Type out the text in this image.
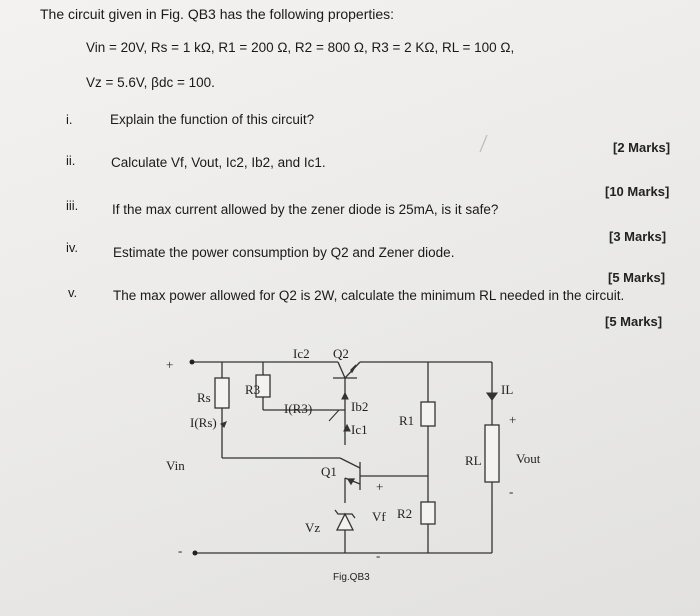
The circuit given in Fig. QB3 has the following properties:
Vin = 20V, Rs = 1 kΩ, R1 = 200 Ω, R2 = 800 Ω, R3 = 2 KΩ, RL = 100 Ω,
Vz = 5.6V, βdc = 100.
i.	Explain the function of this circuit?
[2 Marks]
ii.	Calculate Vf, Vout, Ic2, Ib2, and Ic1.
[10 Marks]
iii. If the max current allowed by the zener diode is 25mA, is it safe?
[3 Marks]
iv.	Estimate the power consumption by Q2 and Zener diode.
[5 Marks]
v.	The max power allowed for Q2 is 2W, calculate the minimum RL needed in the circuit.
[5 Marks]
+
-
Ic2 Q2
Rs
R3
I(R3)	Ib2
Ic1
I(Rs)	R1
IL
+
Vin	Q1
+
RL	Vout
-
Vf R2
Vz
-
Fig.QB3
